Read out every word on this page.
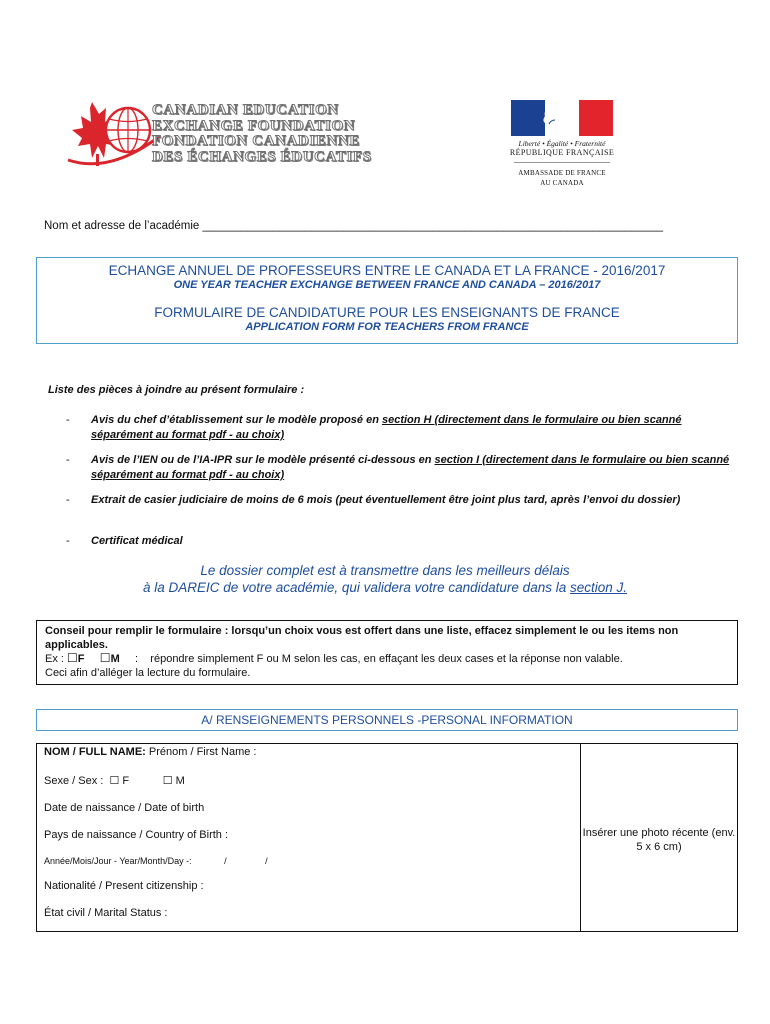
CANADIAN EDUCATION
EXCHANGE FOUNDATION
FONDATION CANADIENNE
DES ÉCHANGES ÉDUCATIFS
Liberté • Égalité • Fraternité
RÉPUBLIQUE FRANÇAISE
AMBASSADE DE FRANCE
AU CANADA
Nom et adresse de l’académie ________________________________________________________________________
ECHANGE ANNUEL DE PROFESSEURS ENTRE LE CANADA ET LA FRANCE - 2016/2017
ONE YEAR TEACHER EXCHANGE BETWEEN FRANCE AND CANADA – 2016/2017
FORMULAIRE DE CANDIDATURE POUR LES ENSEIGNANTS DE FRANCE
APPLICATION FORM FOR TEACHERS FROM FRANCE
Liste des pièces à joindre au présent formulaire :
- Avis du chef d’établissement sur le modèle proposé en section H (directement dans le formulaire ou bien scanné séparément au format pdf - au choix)
- Avis de l’IEN ou de l’IA-IPR sur le modèle présenté ci-dessous en section I (directement dans le formulaire ou bien scanné séparément au format pdf - au choix)
- Extrait de casier judiciaire de moins de 6 mois (peut éventuellement être joint plus tard, après l’envoi du dossier)
- Certificat médical
Le dossier complet est à transmettre dans les meilleurs délais
à la DAREIC de votre académie, qui validera votre candidature dans la section J.
Conseil pour remplir le formulaire : lorsqu’un choix vous est offert dans une liste, effacez simplement le ou les items non applicables.
Ex : ☐F ☐M     :    répondre simplement F ou M selon les cas, en effaçant les deux cases et la réponse non valable.
Ceci afin d’alléger la lecture du formulaire.
A/ RENSEIGNEMENTS PERSONNELS -PERSONAL INFORMATION
NOM / FULL NAME: Prénom / First Name :
Sexe / Sex : ☐ F	☐ M
Date de naissance / Date of birth
Pays de naissance / Country of Birth :
Année/Mois/Jour - Year/Month/Day -:	/	/
Nationalité / Present citizenship :
État civil / Marital Status :
Insérer une photo récente (env. 5 x 6 cm)
